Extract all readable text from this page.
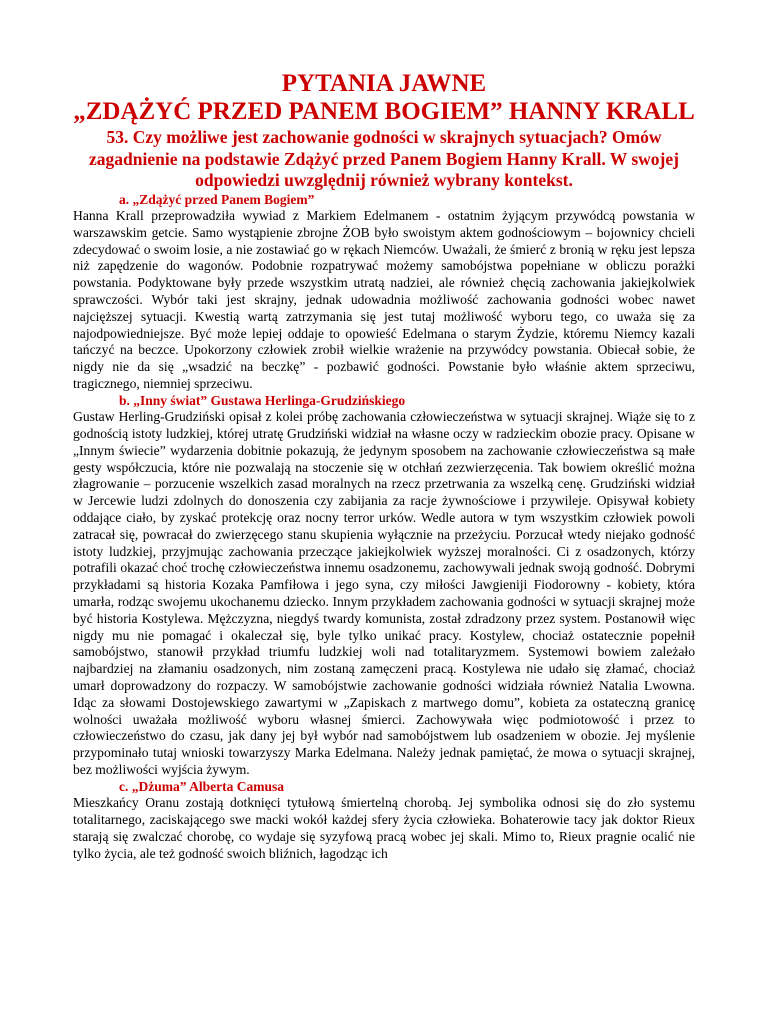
PYTANIA JAWNE
„ZDĄŻYĆ PRZED PANEM BOGIEM” HANNY KRALL

53. Czy możliwe jest zachowanie godności w skrajnych sytuacjach? Omów zagadnienie na podstawie Zdążyć przed Panem Bogiem Hanny Krall. W swojej odpowiedzi uwzględnij również wybrany kontekst.

a. „Zdążyć przed Panem Bogiem”

Hanna Krall przeprowadziła wywiad z Markiem Edelmanem - ostatnim żyjącym przywódcą powstania w warszawskim getcie. Samo wystąpienie zbrojne ŻOB było swoistym aktem godnościowym – bojownicy chcieli zdecydować o swoim losie, a nie zostawiać go w rękach Niemców. Uważali, że śmierć z bronią w ręku jest lepsza niż zapędzenie do wagonów. Podobnie rozpatrywać możemy samobójstwa popełniane w obliczu porażki powstania. Podyktowane były przede wszystkim utratą nadziei, ale również chęcią zachowania jakiejkolwiek sprawczości. Wybór taki jest skrajny, jednak udowadnia możliwość zachowania godności wobec nawet najcięższej sytuacji. Kwestią wartą zatrzymania się jest tutaj możliwość wyboru tego, co uważa się za najodpowiedniejsze. Być może lepiej oddaje to opowieść Edelmana o starym Żydzie, któremu Niemcy kazali tańczyć na beczce. Upokorzony człowiek zrobił wielkie wrażenie na przywódcy powstania. Obiecał sobie, że nigdy nie da się „wsadzić na beczkę” - pozbawić godności. Powstanie było właśnie aktem sprzeciwu, tragicznego, niemniej sprzeciwu.

b. „Inny świat” Gustawa Herlinga-Grudzińskiego

Gustaw Herling-Grudziński opisał z kolei próbę zachowania człowieczeństwa w sytuacji skrajnej. Wiąże się to z godnością istoty ludzkiej, której utratę Grudziński widział na własne oczy w radzieckim obozie pracy. Opisane w „Innym świecie” wydarzenia dobitnie pokazują, że jedynym sposobem na zachowanie człowieczeństwa są małe gesty współczucia, które nie pozwalają na stoczenie się w otchłań zezwierzęcenia. Tak bowiem określić można złagrowanie – porzucenie wszelkich zasad moralnych na rzecz przetrwania za wszelką cenę. Grudziński widział w Jercewie ludzi zdolnych do donoszenia czy zabijania za racje żywnościowe i przywileje. Opisywał kobiety oddające ciało, by zyskać protekcję oraz nocny terror urków. Wedle autora w tym wszystkim człowiek powoli zatracał się, powracał do zwierzęcego stanu skupienia wyłącznie na przeżyciu. Porzucał wtedy niejako godność istoty ludzkiej, przyjmując zachowania przeczące jakiejkolwiek wyższej moralności. Ci z osadzonych, którzy potrafili okazać choć trochę człowieczeństwa innemu osadzonemu, zachowywali jednak swoją godność. Dobrymi przykładami są historia Kozaka Pamfiłowa i jego syna, czy miłości Jawgieniji Fiodorowny - kobiety, która umarła, rodząc swojemu ukochanemu dziecko. Innym przykładem zachowania godności w sytuacji skrajnej może być historia Kostylewa. Mężczyzna, niegdyś twardy komunista, został zdradzony przez system. Postanowił więc nigdy mu nie pomagać i okaleczał się, byle tylko unikać pracy. Kostylew, chociaż ostatecznie popełnił samobójstwo, stanowił przykład triumfu ludzkiej woli nad totalitaryzmem. Systemowi bowiem zależało najbardziej na złamaniu osadzonych, nim zostaną zamęczeni pracą. Kostylewa nie udało się złamać, chociaż umarł doprowadzony do rozpaczy. W samobójstwie zachowanie godności widziała również Natalia Lwowna. Idąc za słowami Dostojewskiego zawartymi w „Zapiskach z martwego domu”, kobieta za ostateczną granicę wolności uważała możliwość wyboru własnej śmierci. Zachowywała więc podmiotowość i przez to człowieczeństwo do czasu, jak dany jej był wybór nad samobójstwem lub osadzeniem w obozie. Jej myślenie przypominało tutaj wnioski towarzyszy Marka Edelmana. Należy jednak pamiętać, że mowa o sytuacji skrajnej, bez możliwości wyjścia żywym.

c. „Dżuma” Alberta Camusa

Mieszkańcy Oranu zostają dotknięci tytułową śmiertelną chorobą. Jej symbolika odnosi się do zło systemu totalitarnego, zaciskającego swe macki wokół każdej sfery życia człowieka. Bohaterowie tacy jak doktor Rieux starają się zwalczać chorobę, co wydaje się syzyfową pracą wobec jej skali. Mimo to, Rieux pragnie ocalić nie tylko życia, ale też godność swoich bliźnich, łagodząc ich
